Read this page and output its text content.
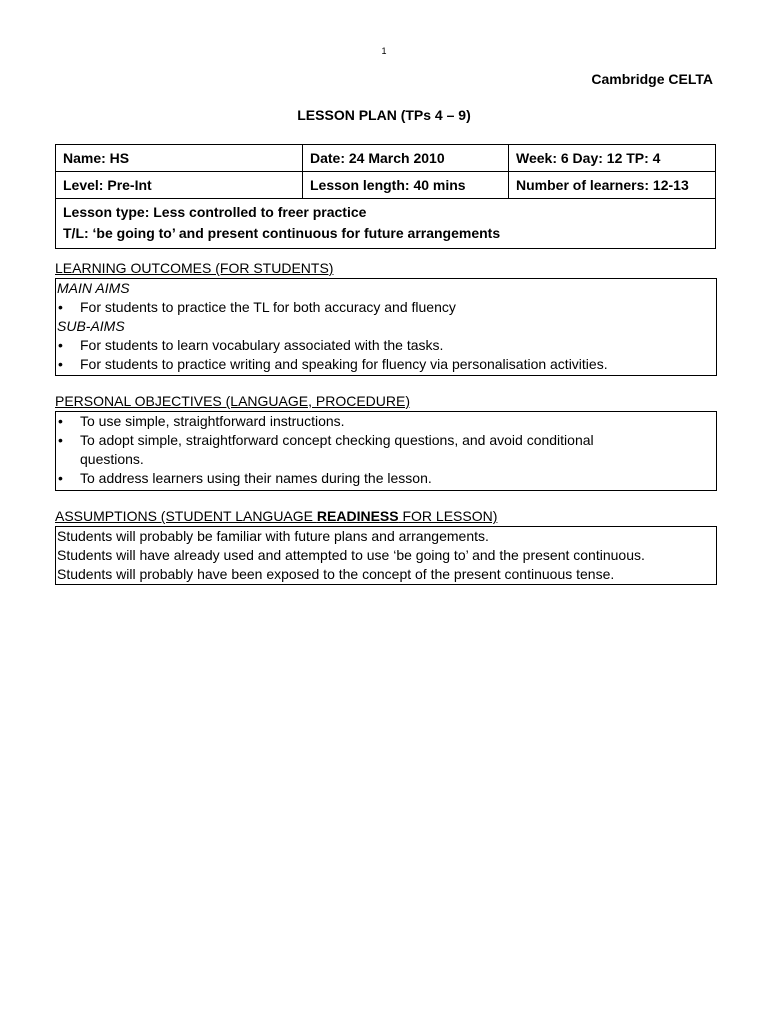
1
Cambridge CELTA
LESSON PLAN (TPs 4 – 9)
Name: HS	Date: 24 March 2010	Week: 6 Day: 12 TP: 4
Level: Pre-Int	Lesson length: 40 mins	Number of learners: 12-13

Lesson type: Less controlled to freer practice
T/L: ‘be going to’ and present continuous for future arrangements		
LEARNING OUTCOMES (FOR STUDENTS)
MAIN AIMS
• For students to practice the TL for both accuracy and fluency
SUB-AIMS
• For students to learn vocabulary associated with the tasks.
• For students to practice writing and speaking for fluency via personalisation activities.
PERSONAL OBJECTIVES (LANGUAGE, PROCEDURE)
• To use simple, straightforward instructions.
• To adopt simple, straightforward concept checking questions, and avoid conditional questions.
• To address learners using their names during the lesson.
ASSUMPTIONS (STUDENT LANGUAGE READINESS FOR LESSON)
Students will probably be familiar with future plans and arrangements.
Students will have already used and attempted to use ‘be going to’ and the present continuous.
Students will probably have been exposed to the concept of the present continuous tense.
